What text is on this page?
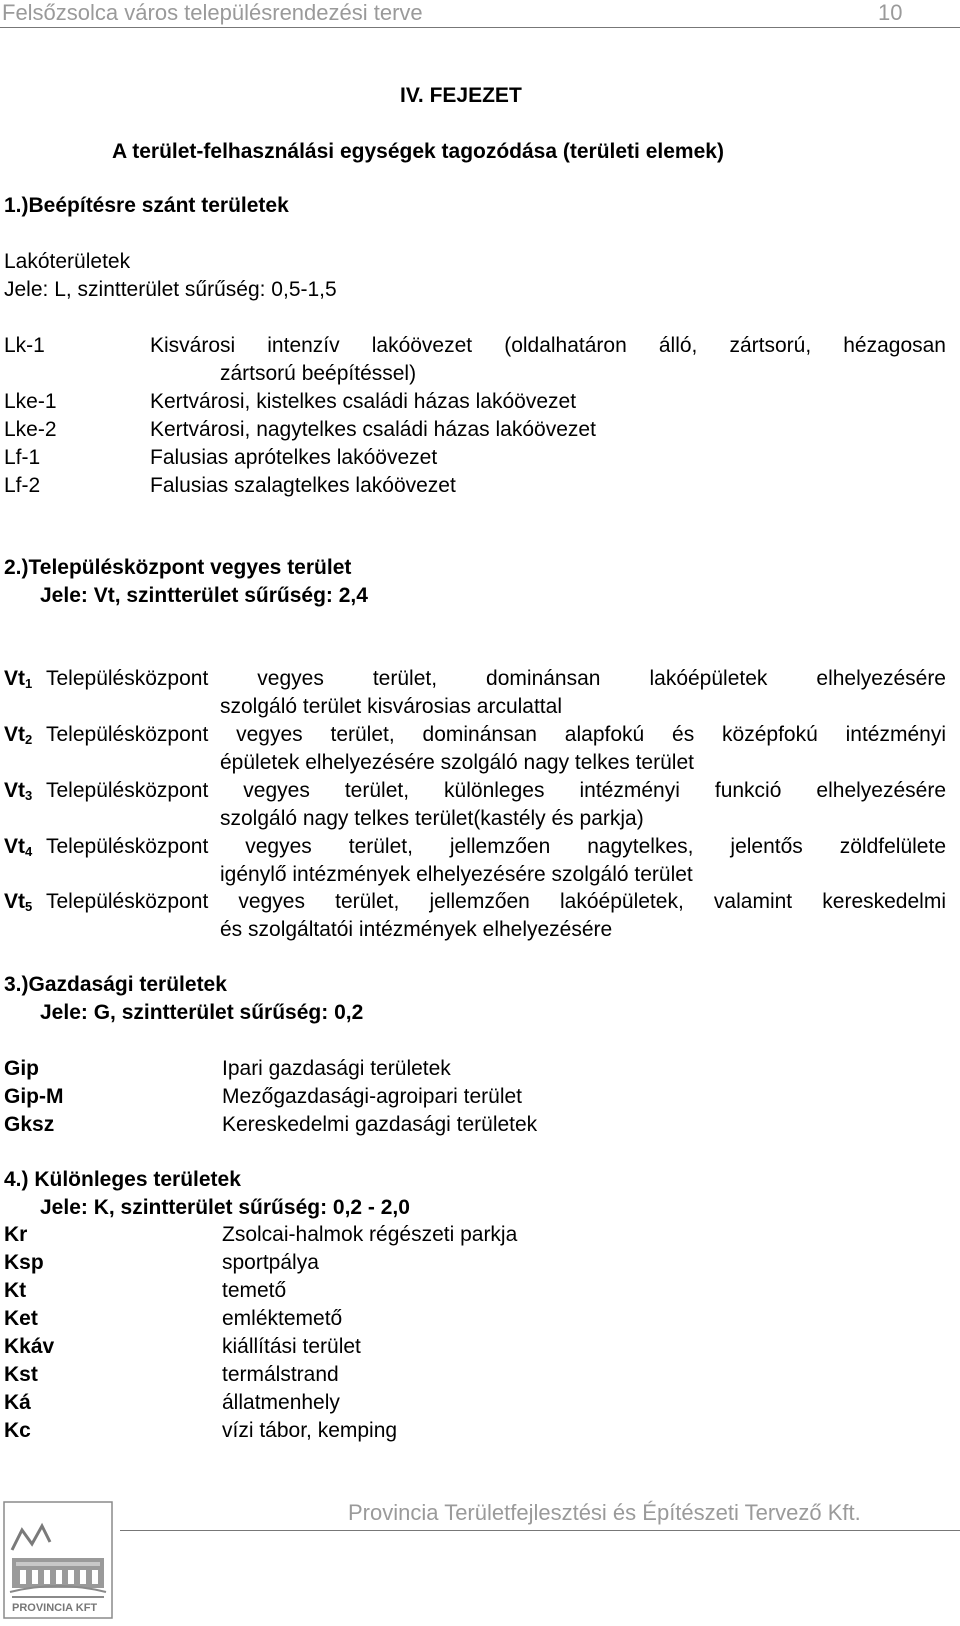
Felsőzsolca város településrendezési terve	10
IV. FEJEZET
A terület-felhasználási egységek tagozódása (területi elemek)
1.)Beépítésre szánt területek
Lakóterületek
Jele: L, szintterület sűrűség: 0,5-1,5
Lk-1	Kisvárosi intenzív lakóövezet (oldalhatáron álló, zártsorú, hézagosan
zártsorú beépítéssel)
Lke-1	Kertvárosi, kistelkes családi házas lakóövezet
Lke-2	Kertvárosi, nagytelkes családi házas lakóövezet
Lf-1	Falusias aprótelkes lakóövezet
Lf-2	Falusias szalagtelkes lakóövezet
2.)Településközpont vegyes terület
Jele: Vt, szintterület sűrűség: 2,4
$Vt_1$ Településközpont vegyes terület, dominánsan lakóépületek elhelyezésére
szolgáló terület kisvárosias arculattal
$Vt_2$ Településközpont vegyes terület, dominánsan alapfokú és középfokú intézményi
épületek elhelyezésére szolgáló nagy telkes terület
$Vt_3$ Településközpont vegyes terület, különleges intézményi funkció elhelyezésére
szolgáló nagy telkes terület(kastély és parkja)
$Vt_4$ Településközpont vegyes terület, jellemzően nagytelkes, jelentős zöldfelülete
igénylő intézmények elhelyezésére szolgáló terület
$Vt_5$ Településközpont vegyes terület, jellemzően lakóépületek, valamint kereskedelmi
és szolgáltatói intézmények elhelyezésére
3.)Gazdasági területek
Jele: G, szintterület sűrűség: 0,2
Gip	Ipari gazdasági területek
Gip-M	Mezőgazdasági-agroipari terület
Gksz	Kereskedelmi gazdasági területek
4.) Különleges területek
Jele: K, szintterület sűrűség: 0,2 - 2,0
Kr	Zsolcai-halmok régészeti parkja
Ksp	sportpálya
Kt	temető
Ket	emléktemető
Kkáv	kiállítási terület
Kst	termálstrand
Ká	állatmenhely
Kc	vízi tábor, kemping
Provincia Területfejlesztési és Építészeti Tervező Kft.
PROVINCIA KFT
